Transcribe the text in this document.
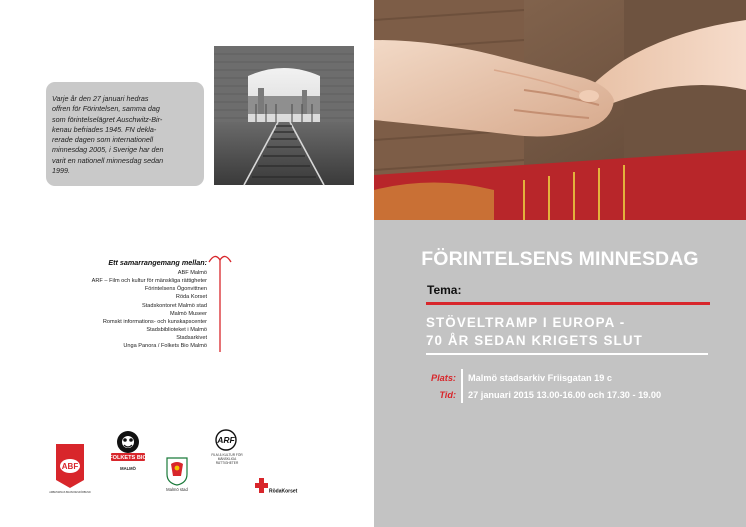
Varje år den 27 januari hedras
offren för Förintelsen, samma dag
som förintelselägret Auschwitz-Bir-
kenau befriades 1945. FN dekla-
rerade dagen som internationell
minnesdag 2005, i Sverige har den
varit en nationell minnesdag sedan
1999.
Ett samarrangemang mellan:
ABF Malmö
ARF – Film och kultur för mänskliga rättigheter
Förintelsens Ögonvittnen
Röda Korset
Stadskontoret Malmö stad
Malmö Museer
Romskt informations- och kunskapscenter
Stadsbiblioteket i Malmö
Stadsarkivet
Unga Panora / Folkets Bio Malmö
ABF
ARBETARNAS BILDNINGSFÖRBUND
FOLKETS BIO
MALMÖ
ARF
FILM & KULTUR FÖR MÄNSKLIGA RÄTTIGHETER
Malmö stad	RödaKorset
FÖRINTELSENS MINNESDAG
Tema:
STÖVELTRAMP I EUROPA -
70 ÅR SEDAN KRIGETS SLUT
Plats: Malmö stadsarkiv Friisgatan 19 c
Tid: 27 januari 2015 13.00-16.00 och 17.30 - 19.00
